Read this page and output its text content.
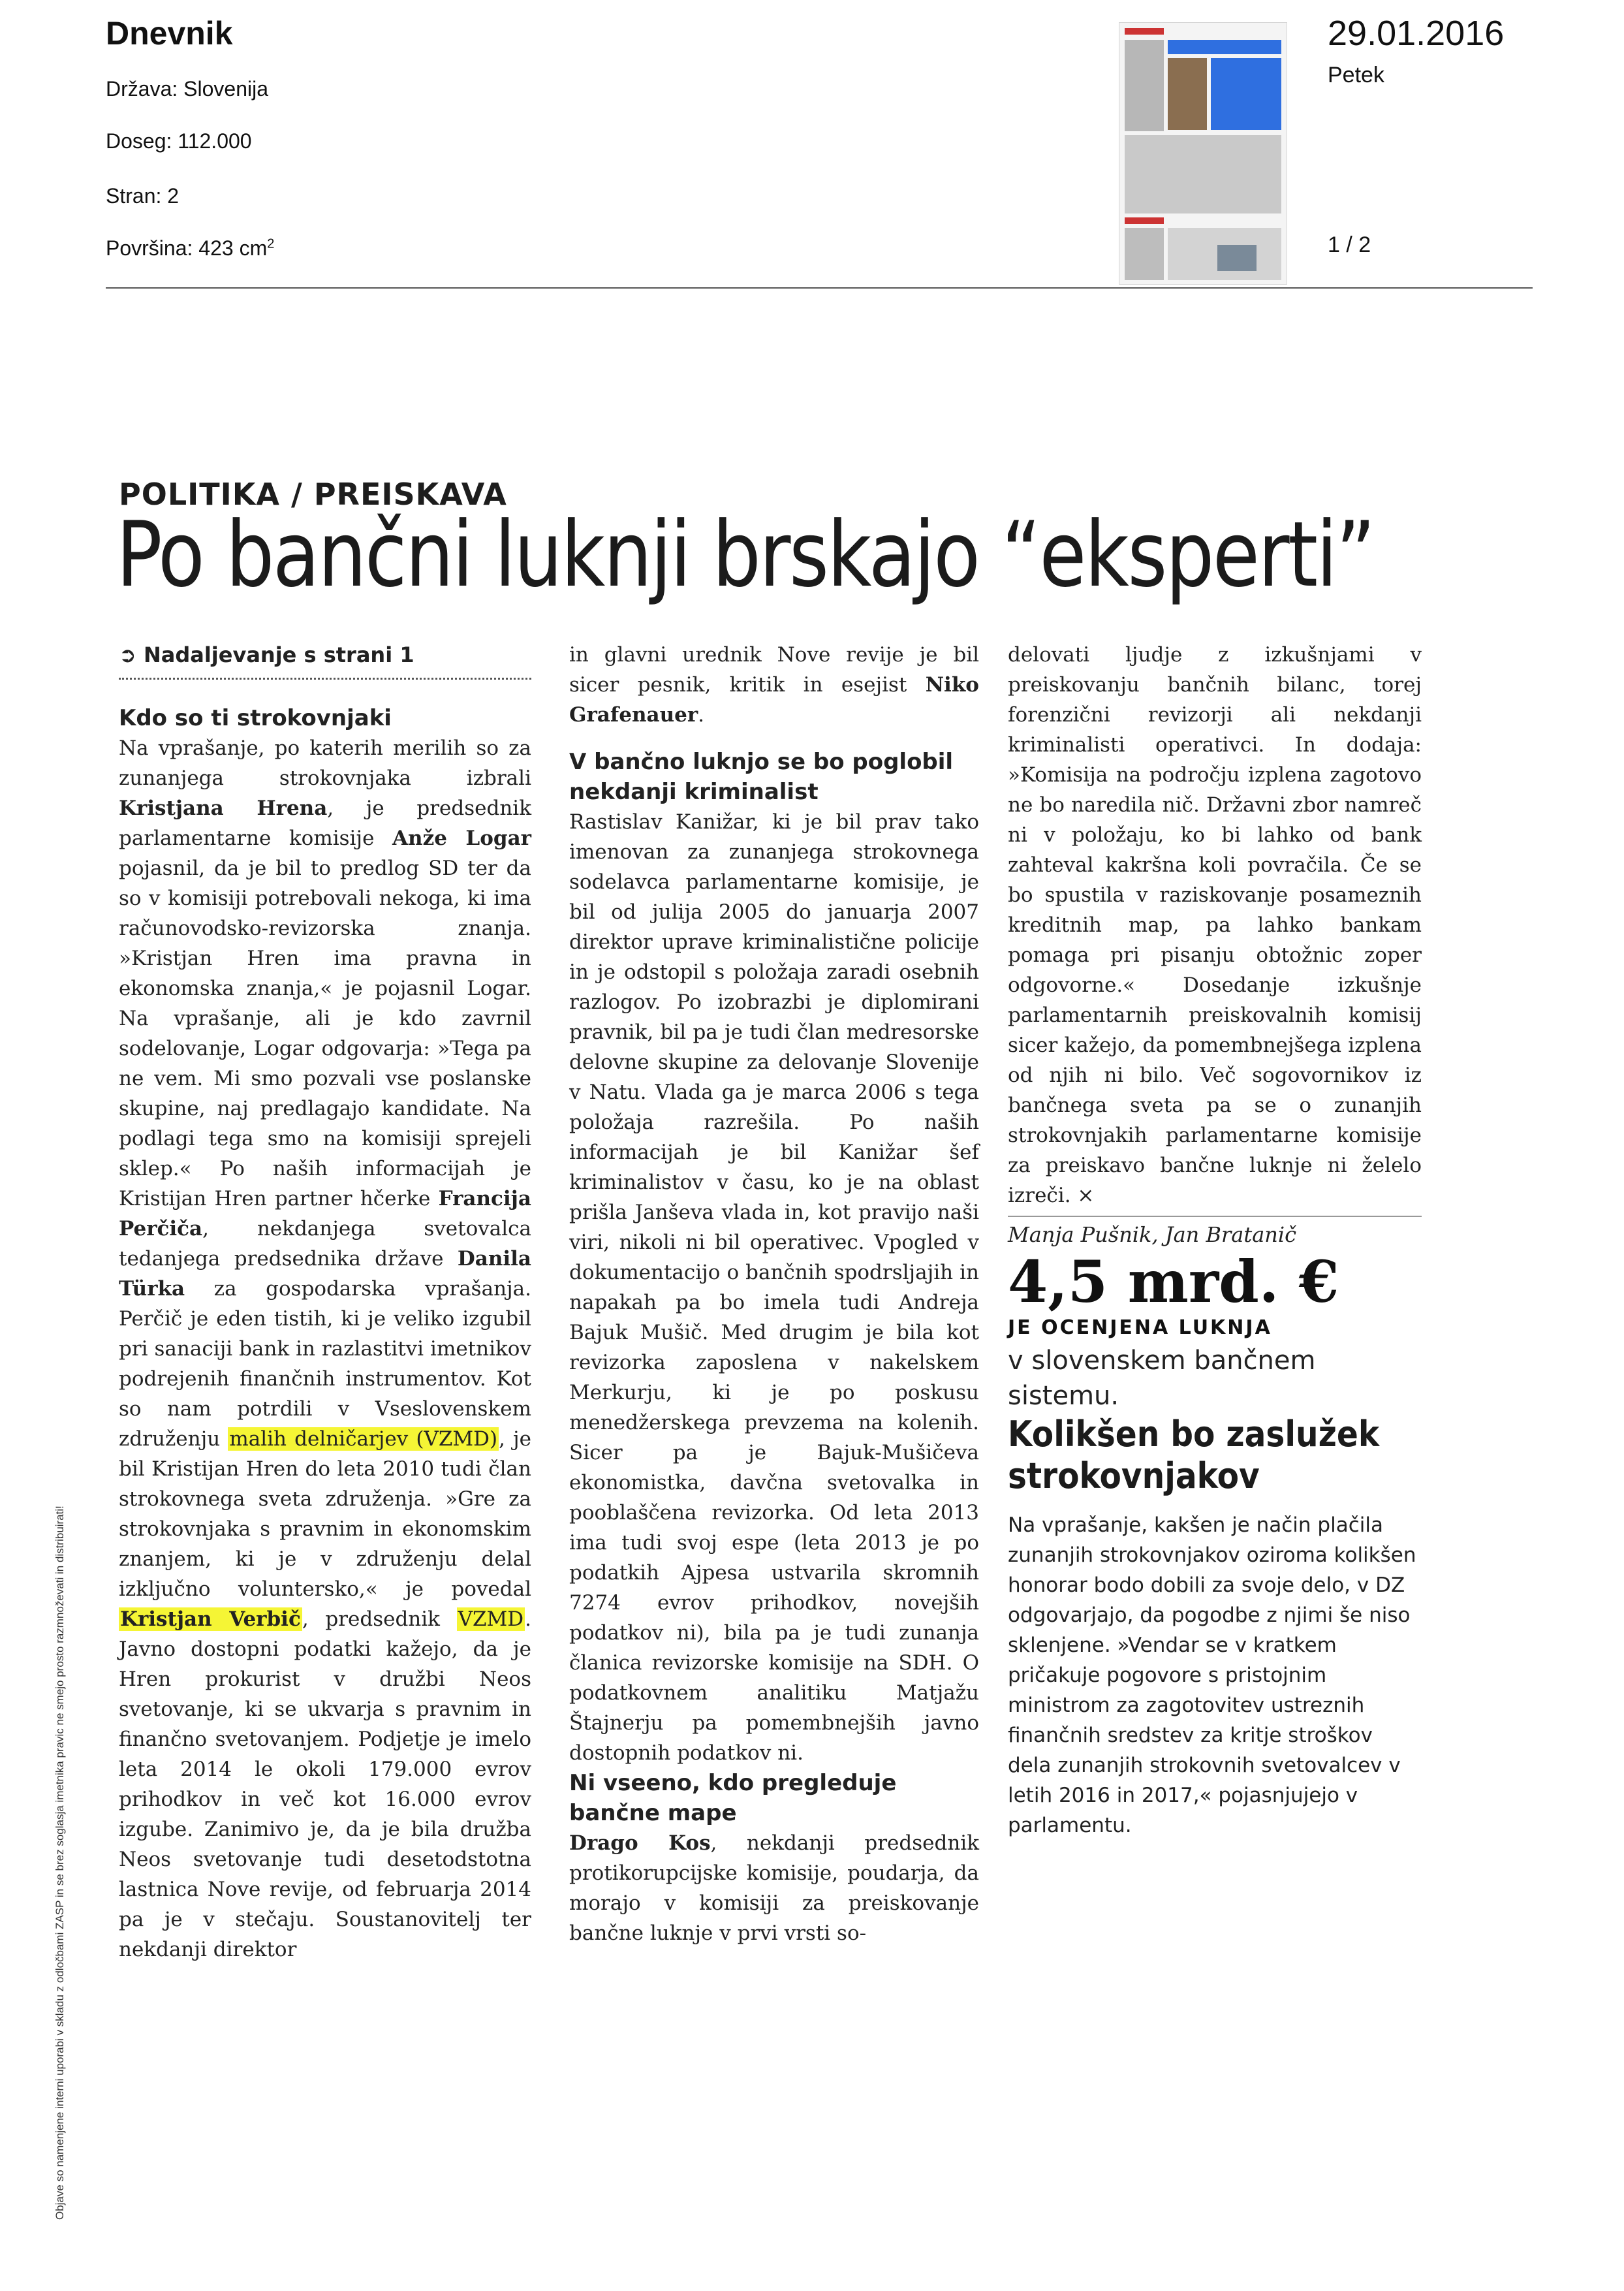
Dnevnik
Država: Slovenija
Doseg: 112.000
Stran: 2
Površina: 423 $cm^2$
29.01.2016
Petek
1 / 2
Objave so namenjene interni uporabi v skladu z odločbami ZASP in se brez soglasja imetnika pravic ne smejo prosto razmnoževati in distribuirati!
POLITIKA / PREISKAVA
Po bančni luknji brskajo “eksperti”
➲ Nadaljevanje s strani 1
Kdo so ti strokovnjaki
Na vprašanje, po katerih merilih so za zunanjega strokovnjaka izbrali Kristjana Hrena, je predsednik parlamentarne komisije Anže Logar pojasnil, da je bil to predlog SD ter da so v komisiji potrebovali nekoga, ki ima računovodsko-revizorska znanja. »Kristjan Hren ima pravna in ekonomska znanja,« je pojasnil Logar. Na vprašanje, ali je kdo zavrnil sodelovanje, Logar odgovarja: »Tega pa ne vem. Mi smo pozvali vse poslanske skupine, naj predlagajo kandidate. Na podlagi tega smo na komisiji sprejeli sklep.« Po naših informacijah je Kristijan Hren partner hčerke Francija Perčiča, nekdanjega svetovalca tedanjega predsednika države Danila Türka za gospodarska vprašanja. Perčič je eden tistih, ki je veliko izgubil pri sanaciji bank in razlastitvi imetnikov podrejenih finančnih instrumentov. Kot so nam potrdili v Vseslovenskem združenju malih delničarjev (VZMD), je bil Kristijan Hren do leta 2010 tudi član strokovnega sveta združenja. »Gre za strokovnjaka s pravnim in ekonomskim znanjem, ki je v združenju delal izključno voluntersko,« je povedal Kristjan Verbič, predsednik VZMD. Javno dostopni podatki kažejo, da je Hren prokurist v družbi Neos svetovanje, ki se ukvarja s pravnim in finančno svetovanjem. Podjetje je imelo leta 2014 le okoli 179.000 evrov prihodkov in več kot 16.000 evrov izgube. Zanimivo je, da je bila družba Neos svetovanje tudi desetodstotna lastnica Nove revije, od februarja 2014 pa je v stečaju. Soustanovitelj ter nekdanji direktor
in glavni urednik Nove revije je bil sicer pesnik, kritik in esejist Niko Grafenauer.
V bančno luknjo se bo poglobil nekdanji kriminalist
Rastislav Kanižar, ki je bil prav tako imenovan za zunanjega strokovnega sodelavca parlamentarne komisije, je bil od julija 2005 do januarja 2007 direktor uprave kriminalistične policije in je odstopil s položaja zaradi osebnih razlogov. Po izobrazbi je diplomirani pravnik, bil pa je tudi član medresorske delovne skupine za delovanje Slovenije v Natu. Vlada ga je marca 2006 s tega položaja razrešila. Po naših informacijah je bil Kanižar šef kriminalistov v času, ko je na oblast prišla Janševa vlada in, kot pravijo naši viri, nikoli ni bil operativec. Vpogled v dokumentacijo o bančnih spodrsljajih in napakah pa bo imela tudi Andreja Bajuk Mušič. Med drugim je bila kot revizorka zaposlena v nakelskem Merkurju, ki je po poskusu menedžerskega prevzema na kolenih. Sicer pa je Bajuk-Mušičeva ekonomistka, davčna svetovalka in pooblaščena revizorka. Od leta 2013 ima tudi svoj espe (leta 2013 je po podatkih Ajpesa ustvarila skromnih 7274 evrov prihodkov, novejših podatkov ni), bila pa je tudi zunanja članica revizorske komisije na SDH. O podatkovnem analitiku Matjažu Štajnerju pa pomembnejših javno dostopnih podatkov ni.
Ni vseeno, kdo pregleduje bančne mape
Drago Kos, nekdanji predsednik protikorupcijske komisije, poudarja, da morajo v komisiji za preiskovanje bančne luknje v prvi vrsti so-
delovati ljudje z izkušnjami v preiskovanju bančnih bilanc, torej forenzični revizorji ali nekdanji kriminalisti operativci. In dodaja: »Komisija na področju izplena zagotovo ne bo naredila nič. Državni zbor namreč ni v položaju, ko bi lahko od bank zahteval kakršna koli povračila. Če se bo spustila v raziskovanje posameznih kreditnih map, pa lahko bankam pomaga pri pisanju obtožnic zoper odgovorne.« Dosedanje izkušnje parlamentarnih preiskovalnih komisij sicer kažejo, da pomembnejšega izplena od njih ni bilo. Več sogovornikov iz bančnega sveta pa se o zunanjih strokovnjakih parlamentarne komisije za preiskavo bančne luknje ni želelo izreči. ×
Manja Pušnik, Jan Bratanič
4,5 mrd. €
JE OCENJENA LUKNJA
v slovenskem bančnem sistemu.
Kolikšen bo zaslužek strokovnjakov
Na vprašanje, kakšen je način plačila zunanjih strokovnjakov oziroma kolikšen honorar bodo dobili za svoje delo, v DZ odgovarjajo, da pogodbe z njimi še niso sklenjene. »Vendar se v kratkem pričakuje pogovore s pristojnim ministrom za zagotovitev ustreznih finančnih sredstev za kritje stroškov dela zunanjih strokovnih svetovalcev v letih 2016 in 2017,« pojasnjujejo v parlamentu.
